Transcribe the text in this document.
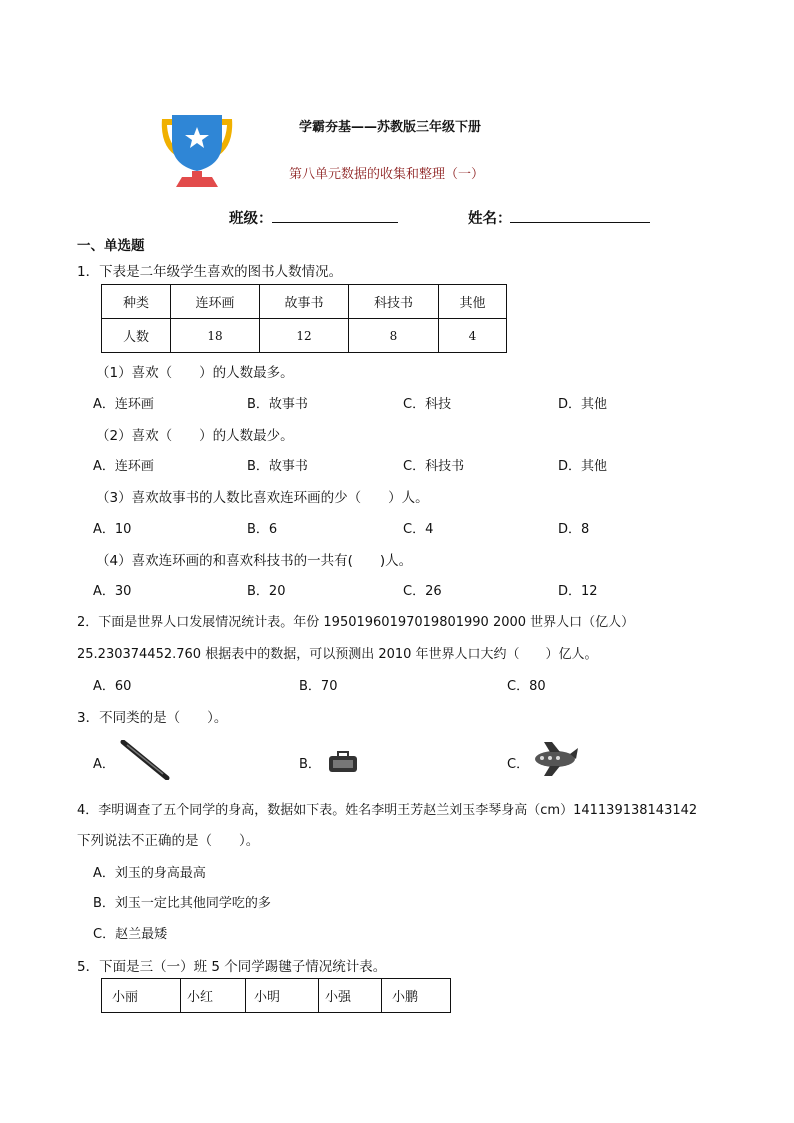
学霸夯基——苏教版三年级下册
第八单元数据的收集和整理（一）
班级：	姓名：
一、单选题
1．下表是二年级学生喜欢的图书人数情况。
种类	连环画	故事书	科技书	其他
人数	18	12	8	4
（1）喜欢（　　）的人数最多。
A．连环画	B．故事书	C．科技	D．其他
（2）喜欢（　　）的人数最少。
A．连环画	B．故事书	C．科技书	D．其他
（3）喜欢故事书的人数比喜欢连环画的少（　　）人。
A．10	B．6	C．4	D．8
（4）喜欢连环画的和喜欢科技书的一共有(　　)人。
A．30	B．20	C．26	D．12
2．下面是世界人口发展情况统计表。年份 19501960197019801990 2000 世界人口（亿人）
25.230374452.760 根据表中的数据，可以预测出 2010 年世界人口大约（　　）亿人。
A．60	B．70	C．80
3．不同类的是（　　）。
A．	B．	C．
4．李明调查了五个同学的身高，数据如下表。姓名李明王芳赵兰刘玉李琴身高（cm）141139138143142
下列说法不正确的是（　　）。
A．刘玉的身高最高
B．刘玉一定比其他同学吃的多
C．赵兰最矮
5．下面是三（一）班 5 个同学踢毽子情况统计表。
小丽	小红	小明	小强	小鹏
